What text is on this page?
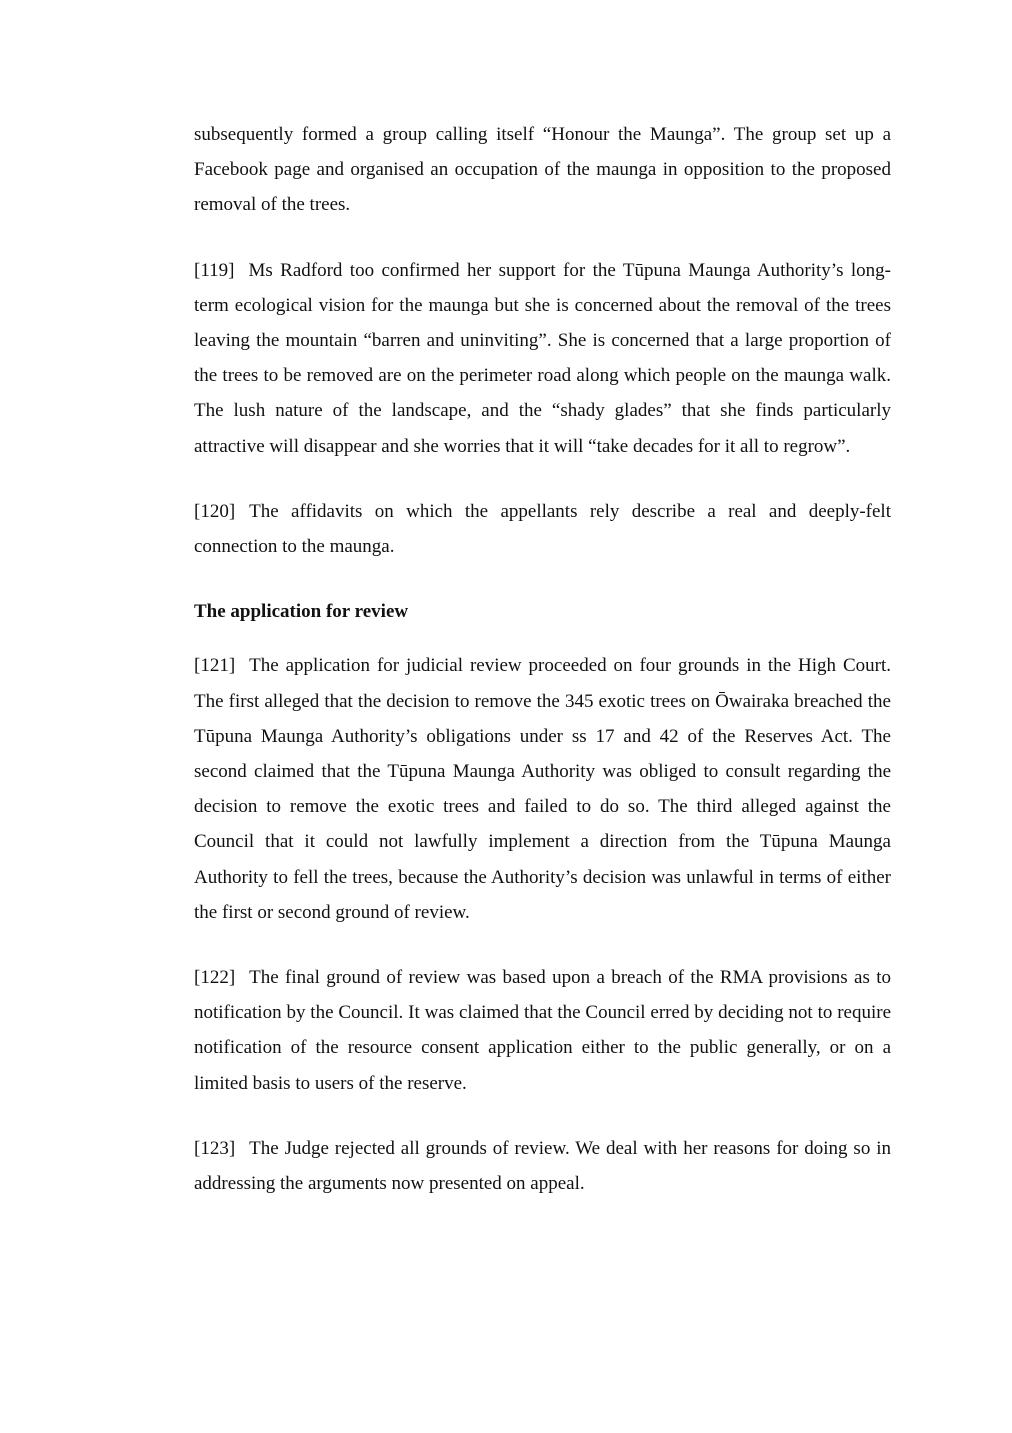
subsequently formed a group calling itself “Honour the Maunga”. The group set up a Facebook page and organised an occupation of the maunga in opposition to the proposed removal of the trees.

[119] Ms Radford too confirmed her support for the Tūpuna Maunga Authority’s long-term ecological vision for the maunga but she is concerned about the removal of the trees leaving the mountain “barren and uninviting”. She is concerned that a large proportion of the trees to be removed are on the perimeter road along which people on the maunga walk. The lush nature of the landscape, and the “shady glades” that she finds particularly attractive will disappear and she worries that it will “take decades for it all to regrow”.

[120] The affidavits on which the appellants rely describe a real and deeply-felt connection to the maunga.

The application for review

[121] The application for judicial review proceeded on four grounds in the High Court. The first alleged that the decision to remove the 345 exotic trees on Ōwairaka breached the Tūpuna Maunga Authority’s obligations under ss 17 and 42 of the Reserves Act. The second claimed that the Tūpuna Maunga Authority was obliged to consult regarding the decision to remove the exotic trees and failed to do so. The third alleged against the Council that it could not lawfully implement a direction from the Tūpuna Maunga Authority to fell the trees, because the Authority’s decision was unlawful in terms of either the first or second ground of review.

[122] The final ground of review was based upon a breach of the RMA provisions as to notification by the Council. It was claimed that the Council erred by deciding not to require notification of the resource consent application either to the public generally, or on a limited basis to users of the reserve.

[123] The Judge rejected all grounds of review. We deal with her reasons for doing so in addressing the arguments now presented on appeal.
